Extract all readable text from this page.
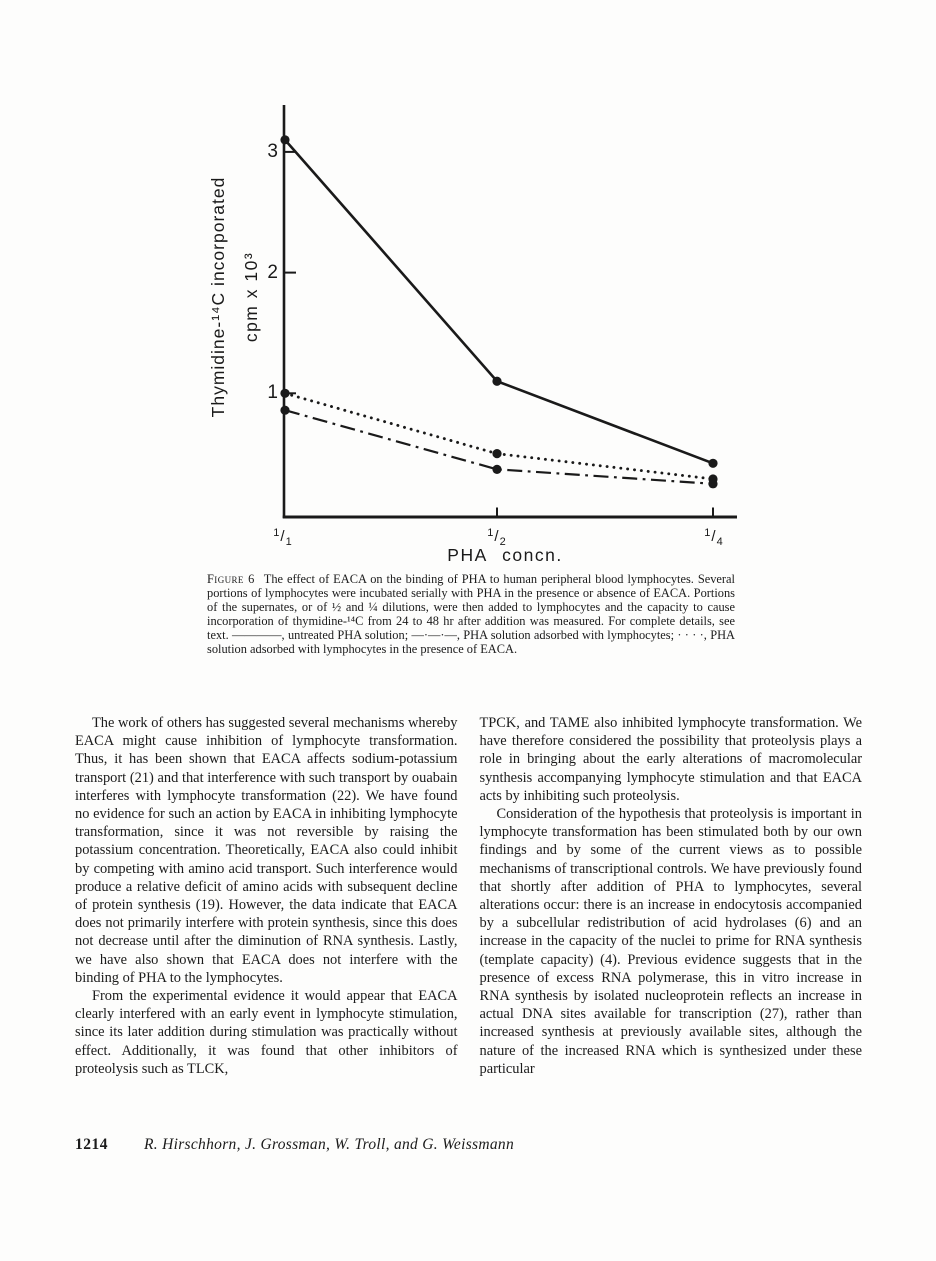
3
2
1
$^1/_1$
$^1/_2$
$^1/_4$
PHA concn.
Thymidine-¹⁴C incorporated cpm x 10³
Figure 6 The effect of EACA on the binding of PHA to human peripheral blood lymphocytes. Several portions of lymphocytes were incubated serially with PHA in the presence or absence of EACA. Portions of the supernates, or of ½ and ¼ dilutions, were then added to lymphocytes and the capacity to cause incorporation of thymidine-¹⁴C from 24 to 48 hr after addition was measured. For complete details, see text. ————, untreated PHA solution; —·—·—, PHA solution adsorbed with lymphocytes; · · · ·, PHA solution adsorbed with lymphocytes in the presence of EACA.

The work of others has suggested several mechanisms whereby EACA might cause inhibition of lymphocyte transformation. Thus, it has been shown that EACA affects sodium-potassium transport (21) and that interference with such transport by ouabain interferes with lymphocyte transformation (22). We have found no evidence for such an action by EACA in inhibiting lymphocyte transformation, since it was not reversible by raising the potassium concentration. Theoretically, EACA also could inhibit by competing with amino acid transport. Such interference would produce a relative deficit of amino acids with subsequent decline of protein synthesis (19). However, the data indicate that EACA does not primarily interfere with protein synthesis, since this does not decrease until after the diminution of RNA synthesis. Lastly, we have also shown that EACA does not interfere with the binding of PHA to the lymphocytes.

From the experimental evidence it would appear that EACA clearly interfered with an early event in lymphocyte stimulation, since its later addition during stimulation was practically without effect. Additionally, it was found that other inhibitors of proteolysis such as TLCK,

TPCK, and TAME also inhibited lymphocyte transformation. We have therefore considered the possibility that proteolysis plays a role in bringing about the early alterations of macromolecular synthesis accompanying lymphocyte stimulation and that EACA acts by inhibiting such proteolysis.

Consideration of the hypothesis that proteolysis is important in lymphocyte transformation has been stimulated both by our own findings and by some of the current views as to possible mechanisms of transcriptional controls. We have previously found that shortly after addition of PHA to lymphocytes, several alterations occur: there is an increase in endocytosis accompanied by a subcellular redistribution of acid hydrolases (6) and an increase in the capacity of the nuclei to prime for RNA synthesis (template capacity) (4). Previous evidence suggests that in the presence of excess RNA polymerase, this in vitro increase in RNA synthesis by isolated nucleoprotein reflects an increase in actual DNA sites available for transcription (27), rather than increased synthesis at previously available sites, although the nature of the increased RNA which is synthesized under these particular

1214 R. Hirschhorn, J. Grossman, W. Troll, and G. Weissmann
